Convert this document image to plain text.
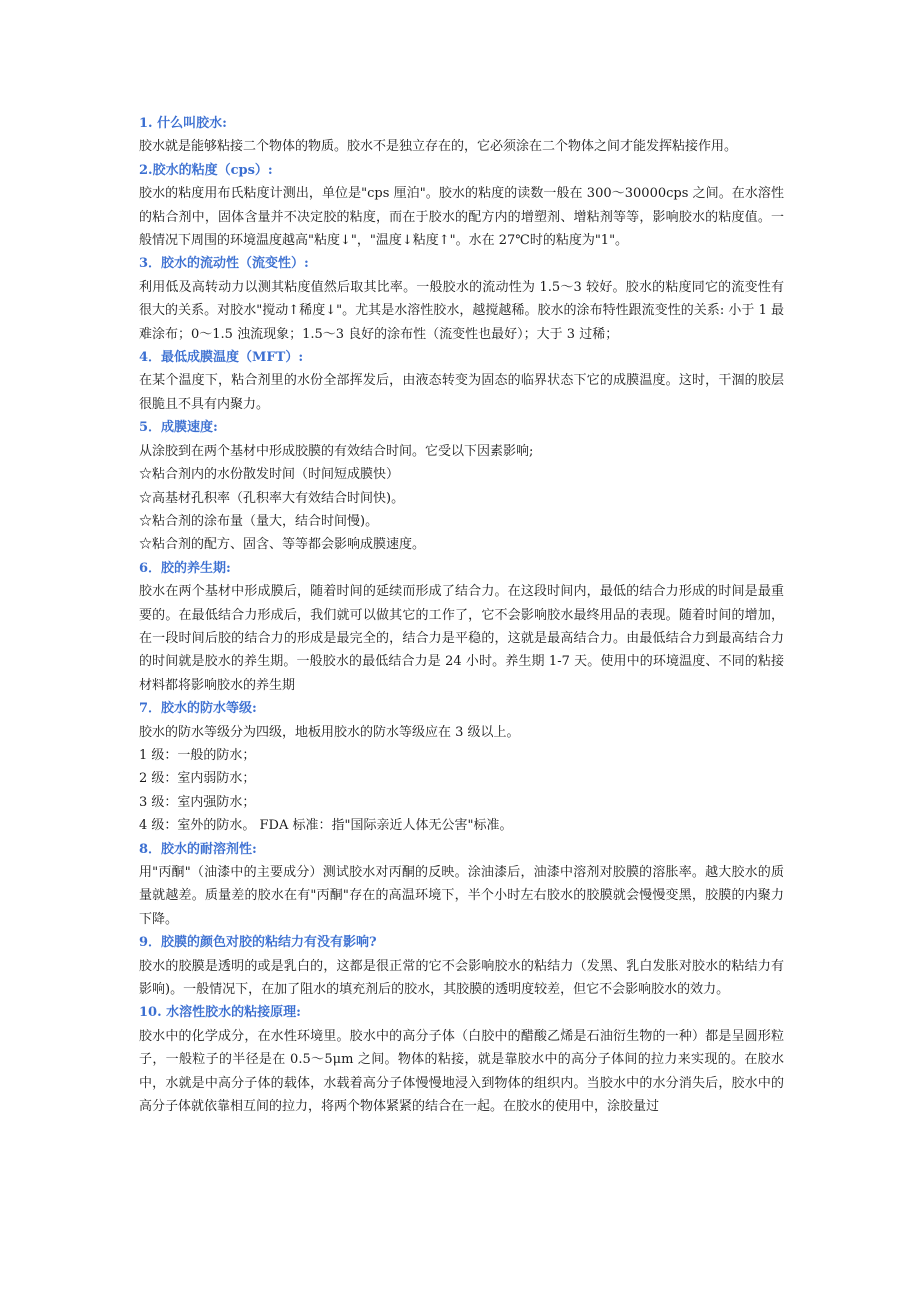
1. 什么叫胶水:

胶水就是能够粘接二个物体的物质。胶水不是独立存在的，它必须涂在二个物体之间才能发挥粘接作用。

2.胶水的粘度（cps）:

胶水的粘度用布氏粘度计测出，单位是"cps 厘泊"。胶水的粘度的读数一般在 300～30000cps 之间。在水溶性的粘合剂中，固体含量并不决定胶的粘度，而在于胶水的配方内的增塑剂、增粘剂等等，影响胶水的粘度值。一般情况下周围的环境温度越高"粘度↓"，"温度↓粘度↑"。水在 27℃时的粘度为"1"。

3．胶水的流动性（流变性）:

利用低及高转动力以测其粘度值然后取其比率。一般胶水的流动性为 1.5～3 较好。胶水的粘度同它的流变性有很大的关系。对胶水"搅动↑稀度↓"。尤其是水溶性胶水，越搅越稀。胶水的涂布特性跟流变性的关系: 小于 1 最难涂布；0～1.5 浊流现象；1.5～3 良好的涂布性（流变性也最好）；大于 3 过稀；

4．最低成膜温度（MFT）:

在某个温度下，粘合剂里的水份全部挥发后，由液态转变为固态的临界状态下它的成膜温度。这时，干涸的胶层很脆且不具有内聚力。

5．成膜速度:

从涂胶到在两个基材中形成胶膜的有效结合时间。它受以下因素影响;

☆粘合剂内的水份散发时间（时间短成膜快）

☆高基材孔积率（孔积率大有效结合时间快)。

☆粘合剂的涂布量（量大，结合时间慢)。

☆粘合剂的配方、固含、等等都会影响成膜速度。

6．胶的养生期:

胶水在两个基材中形成膜后，随着时间的延续而形成了结合力。在这段时间内，最低的结合力形成的时间是最重要的。在最低结合力形成后，我们就可以做其它的工作了，它不会影响胶水最终用品的表现。随着时间的增加，在一段时间后胶的结合力的形成是最完全的，结合力是平稳的，这就是最高结合力。由最低结合力到最高结合力的时间就是胶水的养生期。一般胶水的最低结合力是 24 小时。养生期 1-7 天。使用中的环境温度、不同的粘接材料都将影响胶水的养生期

7．胶水的防水等级:

胶水的防水等级分为四级，地板用胶水的防水等级应在 3 级以上。

1 级：一般的防水；

2 级：室内弱防水；

3 级：室内强防水；

4 级：室外的防水。 FDA 标准：指"国际亲近人体无公害"标准。

8．胶水的耐溶剂性:

用"丙酮"（油漆中的主要成分）测试胶水对丙酮的反映。涂油漆后，油漆中溶剂对胶膜的溶胀率。越大胶水的质量就越差。质量差的胶水在有"丙酮"存在的高温环境下，半个小时左右胶水的胶膜就会慢慢变黑，胶膜的内聚力下降。

9．胶膜的颜色对胶的粘结力有没有影响?

胶水的胶膜是透明的或是乳白的，这都是很正常的它不会影响胶水的粘结力（发黑、乳白发胀对胶水的粘结力有影响)。一般情况下，在加了阻水的填充剂后的胶水，其胶膜的透明度较差，但它不会影响胶水的效力。

10. 水溶性胶水的粘接原理:

胶水中的化学成分，在水性环境里。胶水中的高分子体（白胶中的醋酸乙烯是石油衍生物的一种）都是呈圆形粒子，一般粒子的半径是在 0.5～5μm 之间。物体的粘接，就是靠胶水中的高分子体间的拉力来实现的。在胶水中，水就是中高分子体的载体，水载着高分子体慢慢地浸入到物体的组织内。当胶水中的水分消失后，胶水中的高分子体就依靠相互间的拉力，将两个物体紧紧的结合在一起。在胶水的使用中，涂胶量过
